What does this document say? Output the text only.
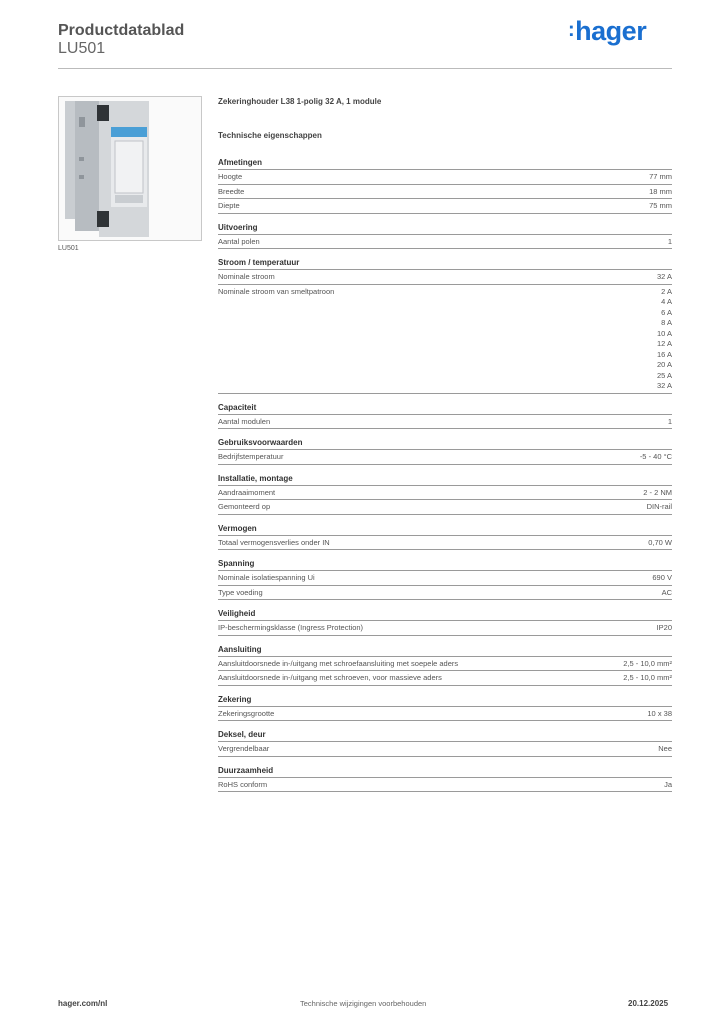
Productdatablad
LU501
:hager
LU501
Zekeringhouder L38 1-polig 32 A, 1 module
Technische eigenschappen
Afmetingen
Hoogte	77 mm
Breedte	18 mm
Diepte	75 mm
Uitvoering
Aantal polen	1
Stroom / temperatuur
Nominale stroom	32 A
Nominale stroom van smeltpatroon	2 A
4 A
6 A
8 A
10 A
12 A
16 A
20 A
25 A
32 A
Capaciteit
Aantal modulen	1
Gebruiksvoorwaarden
Bedrijfstemperatuur	-5 - 40 °C
Installatie, montage
Aandraaimoment	2 - 2 NM
Gemonteerd op	DIN-rail
Vermogen
Totaal vermogensverlies onder IN	0,70 W
Spanning
Nominale isolatiespanning Ui	690 V
Type voeding	AC
Veiligheid
IP-beschermingsklasse (Ingress Protection)	IP20
Aansluiting
Aansluitdoorsnede in-/uitgang met schroefaansluiting met soepele aders	2,5 - 10,0 mm²
Aansluitdoorsnede in-/uitgang met schroeven, voor massieve aders	2,5 - 10,0 mm²
Zekering
Zekeringsgrootte	10 x 38
Deksel, deur
Vergrendelbaar	Nee
Duurzaamheid
RoHS conform	Ja
hager.com/nl	Technische wijzigingen voorbehouden	20.12.2025
